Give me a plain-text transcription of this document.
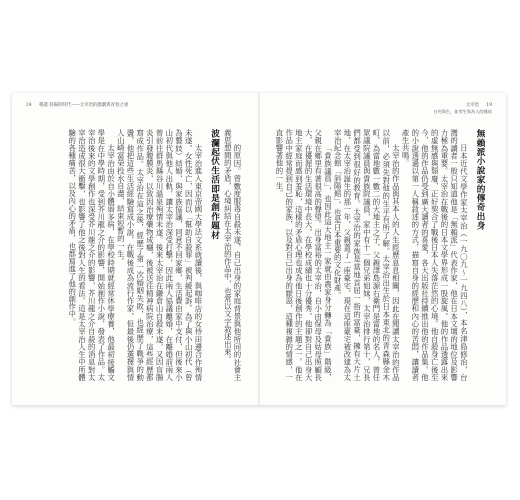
24 導讀 斜陽的時代——太宰治的戲劇與青春之重

的原因。曾數度服毒自殺未遂，自己出身的家庭背景與他所同的社會主義思想間的矛盾，心境糾結在太宰治的作品中，也常以文字敘述出來。

波瀾起伏生活即是創作題材

太宰治進入東京帝國大學法文系就讀後，與咖啡店的女侍田邊合作殉情未遂，女性死亡，因而以「幫助自殺罪」被判緩起訴。為了與小山初代（曾為藝妓）結婚，與家族協議，同意不回家鄉，生活費由家中支付，但後來小山初代與他人出軌，讓太宰治深受打擊，因此兩人協議離婚，在離婚前兩人曾前往群馬縣谷川溫泉殉情未遂。後來太宰治在鎌倉山自殺未遂，又因盲腸炎引發腹膜炎，以致因治療藥物成癮，後被送往精神病院治療，這些經歷都寫成作品。太宰治在這之後，經歷了第一次婚姻失敗，也經歷了戰爭的動盪，他把這些生活經驗寫成小說，在戰後成為流行作家，但最後仍選擇與情人山崎富榮投水自盡，結束短暫的一生。

太宰治由於自小體弱多病，在學校時期就經常休學療養，他最初接觸文學是在中學時期，受到芥川龍之介的影響，開始創作小說，發表了作品。太宰治後來的文學創作也深受芥川龍之介的影響，芥川龍之介自殺的消息對太宰治造成很大衝擊，也影響了他之後對人生的看法。這是太宰治人生中所體驗的各種痛苦，以及內心的矛盾，也都寫進了他的創作中。

太宰治 19
白死與生，徒勞生與為人的緣故
無賴派小說家的傳奇出身

日本近代文學作家太宰治（一九〇九～一九四八），本名津島修治，台灣的讀者一般只知道他是「無賴派」代表作家，他在日本文壇的地位及影響力極為重要。太宰治在戰後的日本文學界形成一股旋風，他的作品透露出來的虛無感與頹廢，正好契合了戰後日本人失落茫然的心境。他自殺身亡後至今，他的作品仍受到廣大讀者的喜愛，各大出版社持續推出他的作品集。他的小說透過以第一人稱敘述的方式，描寫自身的經歷和內心的苦悶，讓讀者產生共鳴。

太宰治的作品與其本人的人生經歷息息相關，因此在閱讀太宰治的作品以前，必須先對他的生平有所了解。太宰治出生於日本東北的青森縣金木町，為當地數一數二的大地主之子，父親津島源右衛門是當地的名人，曾任眾議院議員與貴族院議員，家中有十一個兄弟姐妹，太宰治排行第十，兄長們都受到很好的教育。太宰治的家族是當地首屈一指的富豪，擁有大片土地，在太宰治誕生的那一年，父親蓋了一座豪宅，現在這座豪宅被改建為太宰治紀念館「斜陽館」，也是日本重要的文化財產。

「貴族議員」，也因此這大地主一家就由農家身分轉為「貴族」階級，父親在鄉里有著很高的聲望。出身富裕的太宰治，自小由保母及姑母照顧長大，在優渥的生活環境中長大，在學校成績也十分優秀，他卻對自己出身大地主家庭而感到羞恥，這樣的矛盾心理也成為他日後創作的主題之一。他在作品中經常提到自己的家族，以及對自己出身的厭惡，這種複雜的情感，一直影響著他的一生。
